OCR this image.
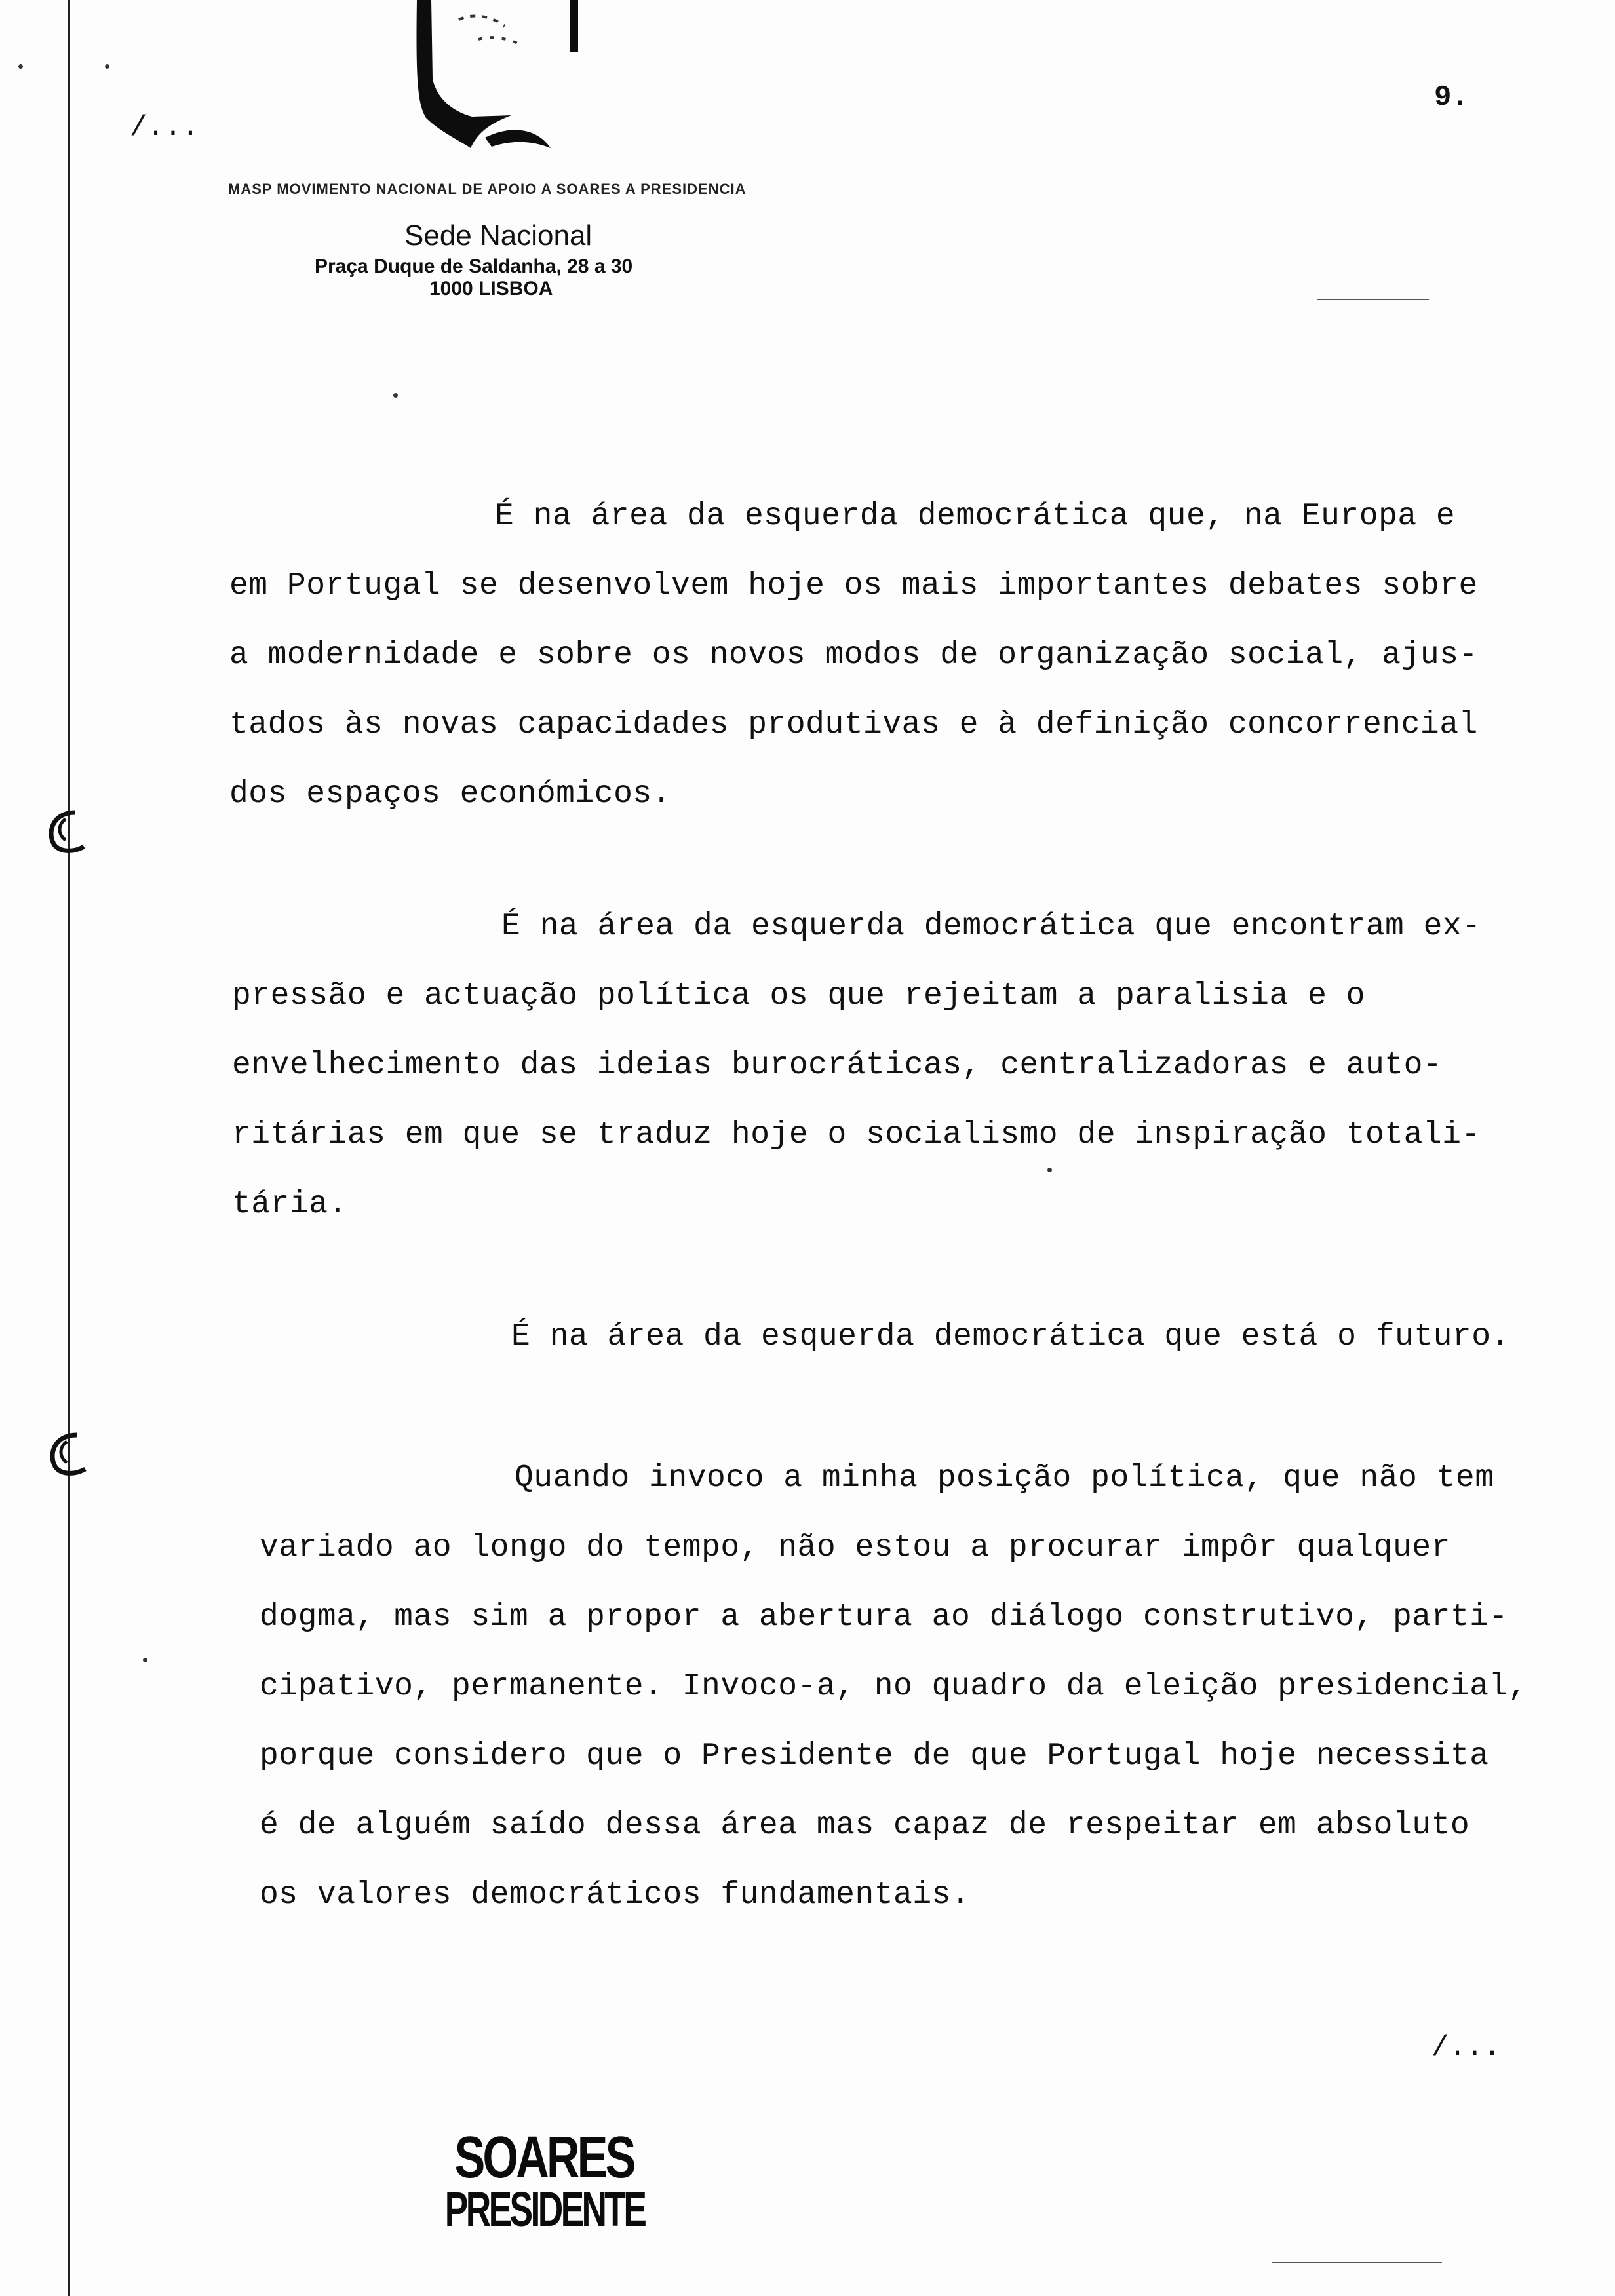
MASP MOVIMENTO NACIONAL DE APOIO A SOARES A PRESIDENCIA
Sede Nacional
Praça Duque de Saldanha, 28 a 30
1000 LISBOA
9.
/...
É na área da esquerda democrática que, na Europa e
em Portugal se desenvolvem hoje os mais importantes debates sobre
a modernidade e sobre os novos modos de organização social, ajus-
tados às novas capacidades produtivas e à definição concorrencial
dos espaços económicos.
É na área da esquerda democrática que encontram ex-
pressão e actuação política os que rejeitam a paralisia e o
envelhecimento das ideias burocráticas, centralizadoras e auto-
ritárias em que se traduz hoje o socialismo de inspiração totali-
tária.
É na área da esquerda democrática que está o futuro.
Quando invoco a minha posição política, que não tem
variado ao longo do tempo, não estou a procurar impôr qualquer
dogma, mas sim a propor a abertura ao diálogo construtivo, parti-
cipativo, permanente. Invoco-a, no quadro da eleição presidencial,
porque considero que o Presidente de que Portugal hoje necessita
é de alguém saído dessa área mas capaz de respeitar em absoluto
os valores democráticos fundamentais.
/...
SOARES
PRESIDENTE
